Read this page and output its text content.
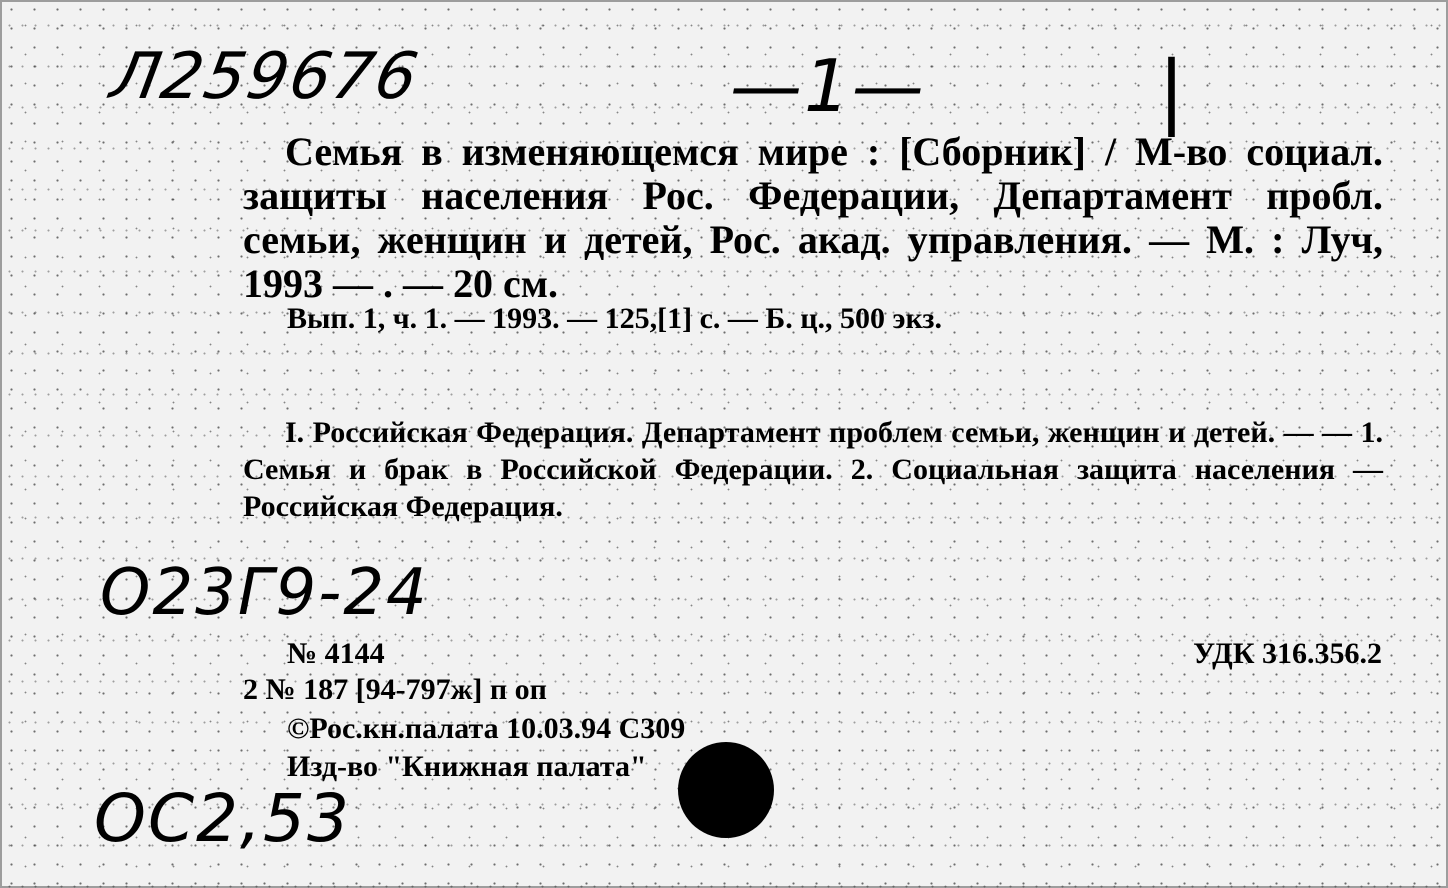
Л259676	—1—	|
Семья в изменяющемся мире : [Сборник] / М-во социал. защиты населения Рос. Федерации, Департамент пробл. семьи, женщин и детей, Рос. акад. управления. — М. : Луч, 1993 — . — 20 см.
Вып. 1, ч. 1. — 1993. — 125,[1] с. — Б. ц., 500 экз.
I. Российская Федерация. Департамент проблем семьи, женщин и детей. — — 1. Семья и брак в Российской Федерации. 2. Социальная защита населения — Российская Федерация.
О23Г9-24
№ 4144	УДК 316.356.2
2 № 187 [94-797ж] п оп
©Рос.кн.палата 10.03.94 С309
Изд-во "Книжная палата"
ОС2,53
